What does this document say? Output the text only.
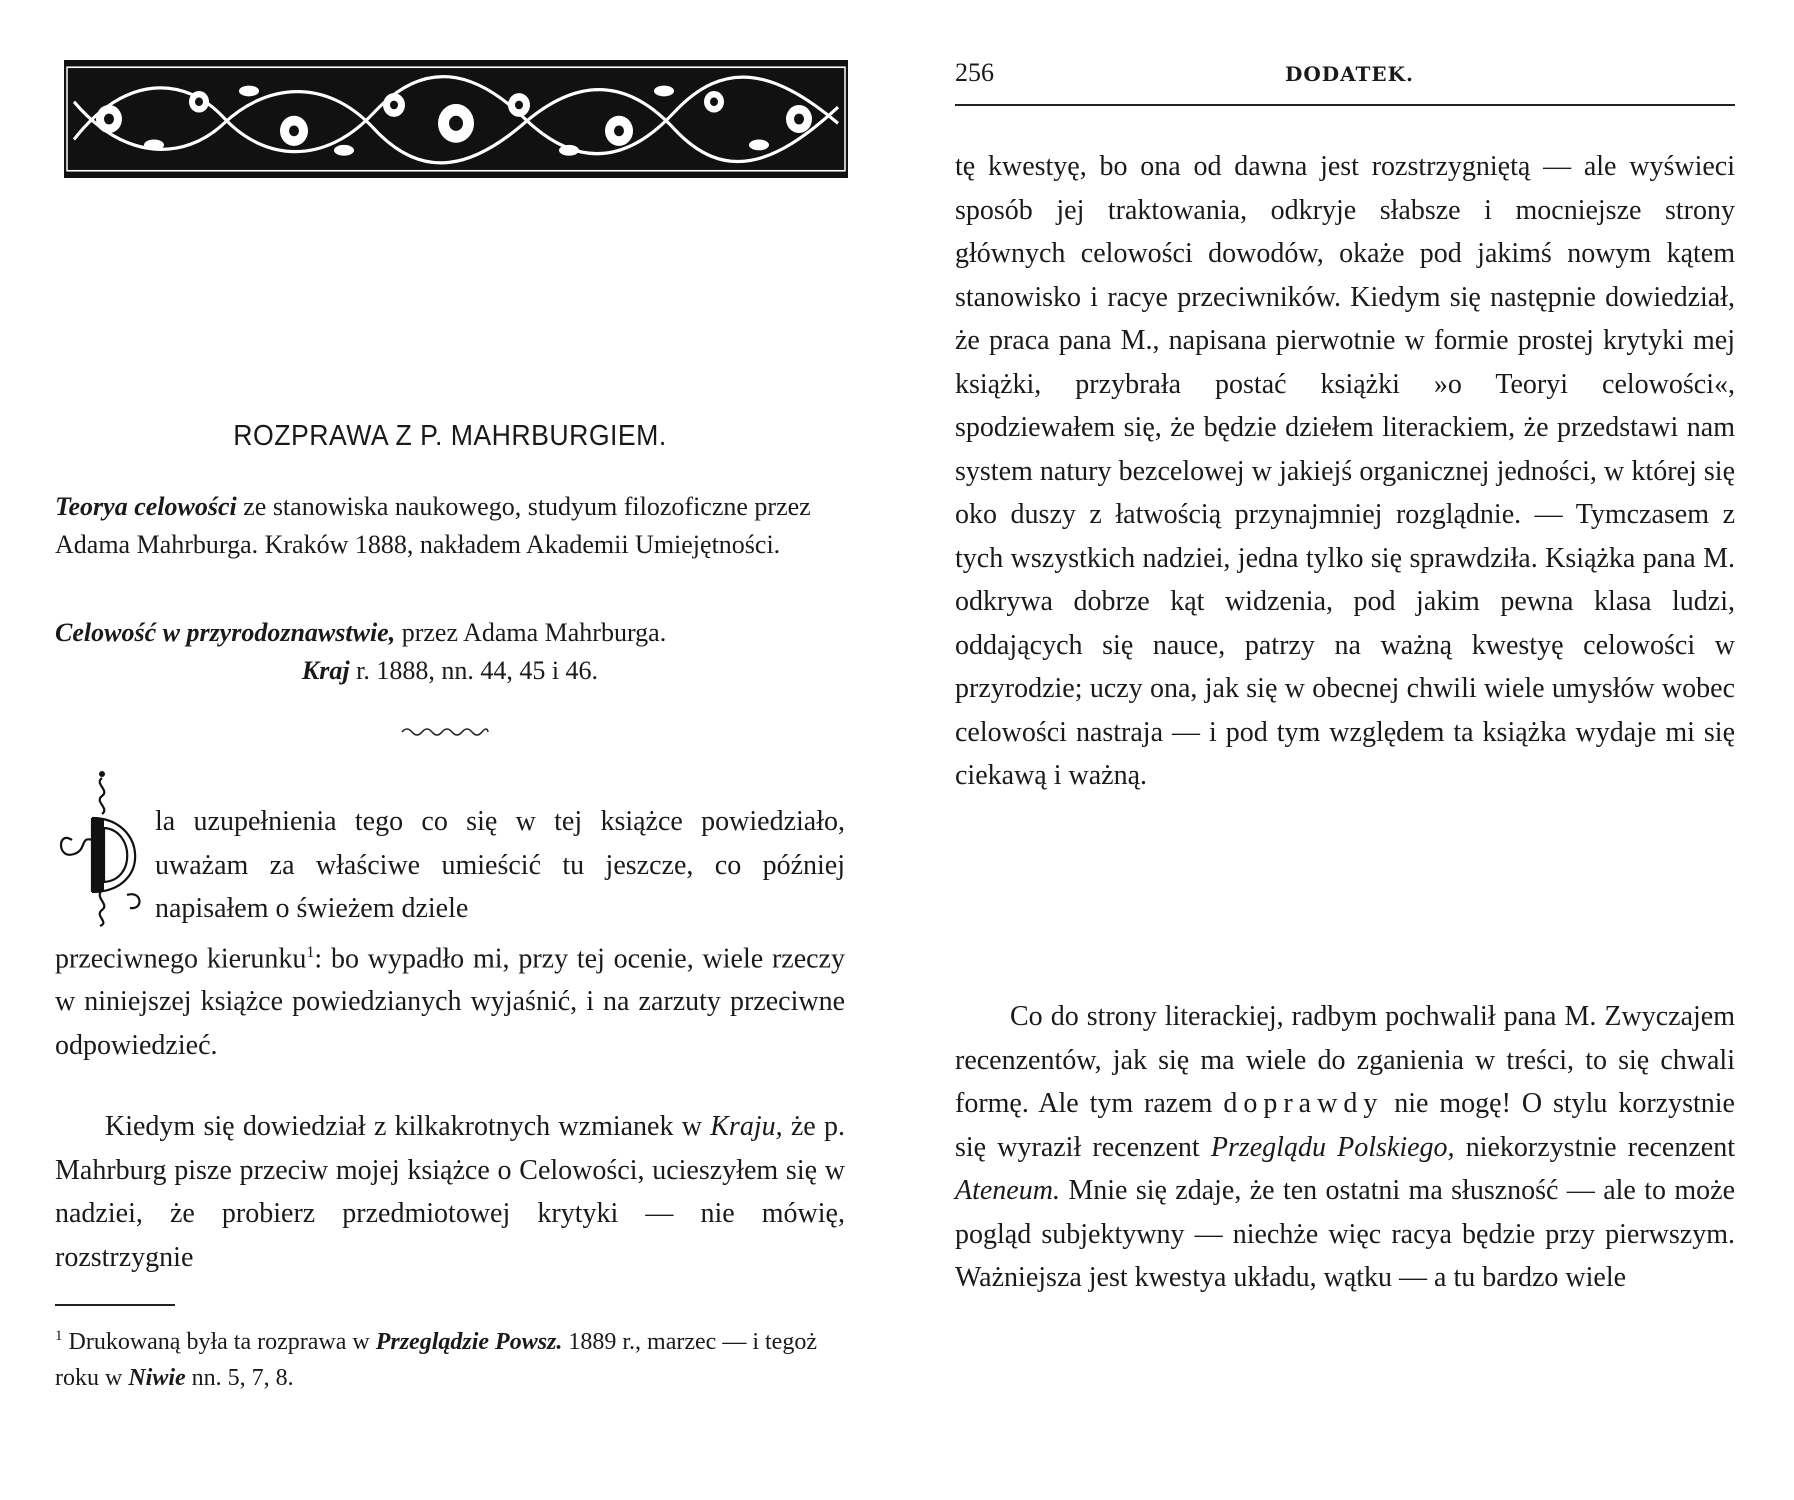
ROZPRAWA Z P. MAHRBURGIEM.
Teorya celowości ze stanowiska naukowego, studyum filozoficzne przez Adama Mahrburga. Kraków 1888, nakładem Akademii Umiejętności.
Celowość w przyrodoznawstwie, przez Adama Mahrburga.
Kraj r. 1888, nn. 44, 45 i 46.
la uzupełnienia tego co się w tej książce powiedziało, uważam za właściwe umieścić tu jeszcze, co później napisałem o świeżem dziele
przeciwnego kierunku$^1$: bo wypadło mi, przy tej ocenie, wiele rzeczy w niniejszej książce powiedzianych wyjaśnić, i na zarzuty przeciwne odpowiedzieć.
Kiedym się dowiedział z kilkakrotnych wzmianek w Kraju, że p. Mahrburg pisze przeciw mojej książce o Celowości, ucieszyłem się w nadziei, że probierz przedmiotowej krytyki — nie mówię, rozstrzygnie
$^1$ Drukowaną była ta rozprawa w Przeglądzie Powsz. 1889 r., marzec — i tegoż roku w Niwie nn. 5, 7, 8.
256	DODATEK.
tę kwestyę, bo ona od dawna jest rozstrzygniętą — ale wyświeci sposób jej traktowania, odkryje słabsze i mocniejsze strony głównych celowości dowodów, okaże pod jakimś nowym kątem stanowisko i racye przeciwników. Kiedym się następnie dowiedział, że praca pana M., napisana pierwotnie w formie prostej krytyki mej książki, przybrała postać książki »o Teoryi celowości«, spodziewałem się, że będzie dziełem literackiem, że przedstawi nam system natury bezcelowej w jakiejś organicznej jedności, w której się oko duszy z łatwością przynajmniej rozglądnie. — Tymczasem z tych wszystkich nadziei, jedna tylko się sprawdziła. Książka pana M. odkrywa dobrze kąt widzenia, pod jakim pewna klasa ludzi, oddających się nauce, patrzy na ważną kwestyę celowości w przyrodzie; uczy ona, jak się w obecnej chwili wiele umysłów wobec celowości nastraja — i pod tym względem ta książka wydaje mi się ciekawą i ważną.
Co do strony literackiej, radbym pochwalił pana M. Zwyczajem recenzentów, jak się ma wiele do zganienia w treści, to się chwali formę. Ale tym razem doprawdy nie mogę! O stylu korzystnie się wyraził recenzent Przeglądu Polskiego, niekorzystnie recenzent Ateneum. Mnie się zdaje, że ten ostatni ma słuszność — ale to może pogląd subjektywny — niechże więc racya będzie przy pierwszym. Ważniejsza jest kwestya układu, wątku — a tu bardzo wiele
